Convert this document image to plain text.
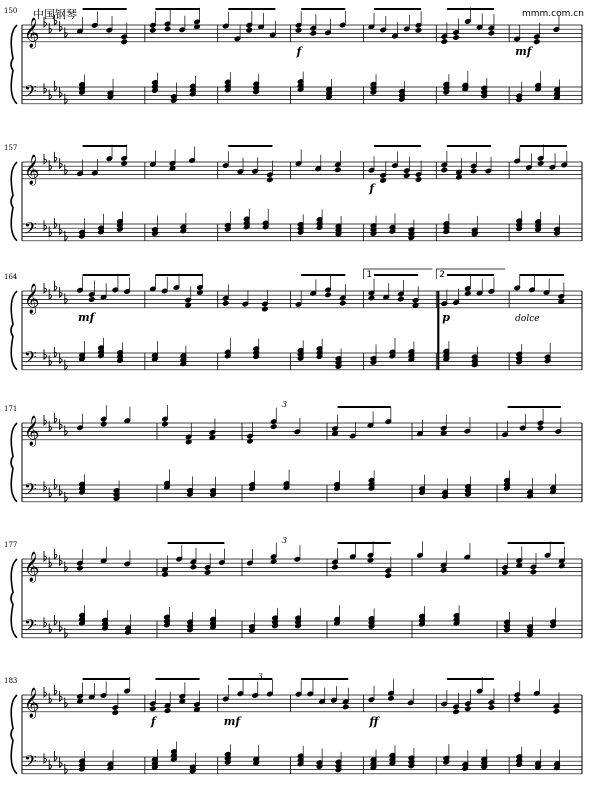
中国钢琴	mmm.com.cn
150
𝄞
𝄢
f	mf
157
𝄞
𝄢
f
164
𝄞
𝄢
mf	p	dolce
1	2
171
𝄞
𝄢
3
177
𝄞
𝄢
3
183
𝄞
𝄢
f	mf	ff
3
